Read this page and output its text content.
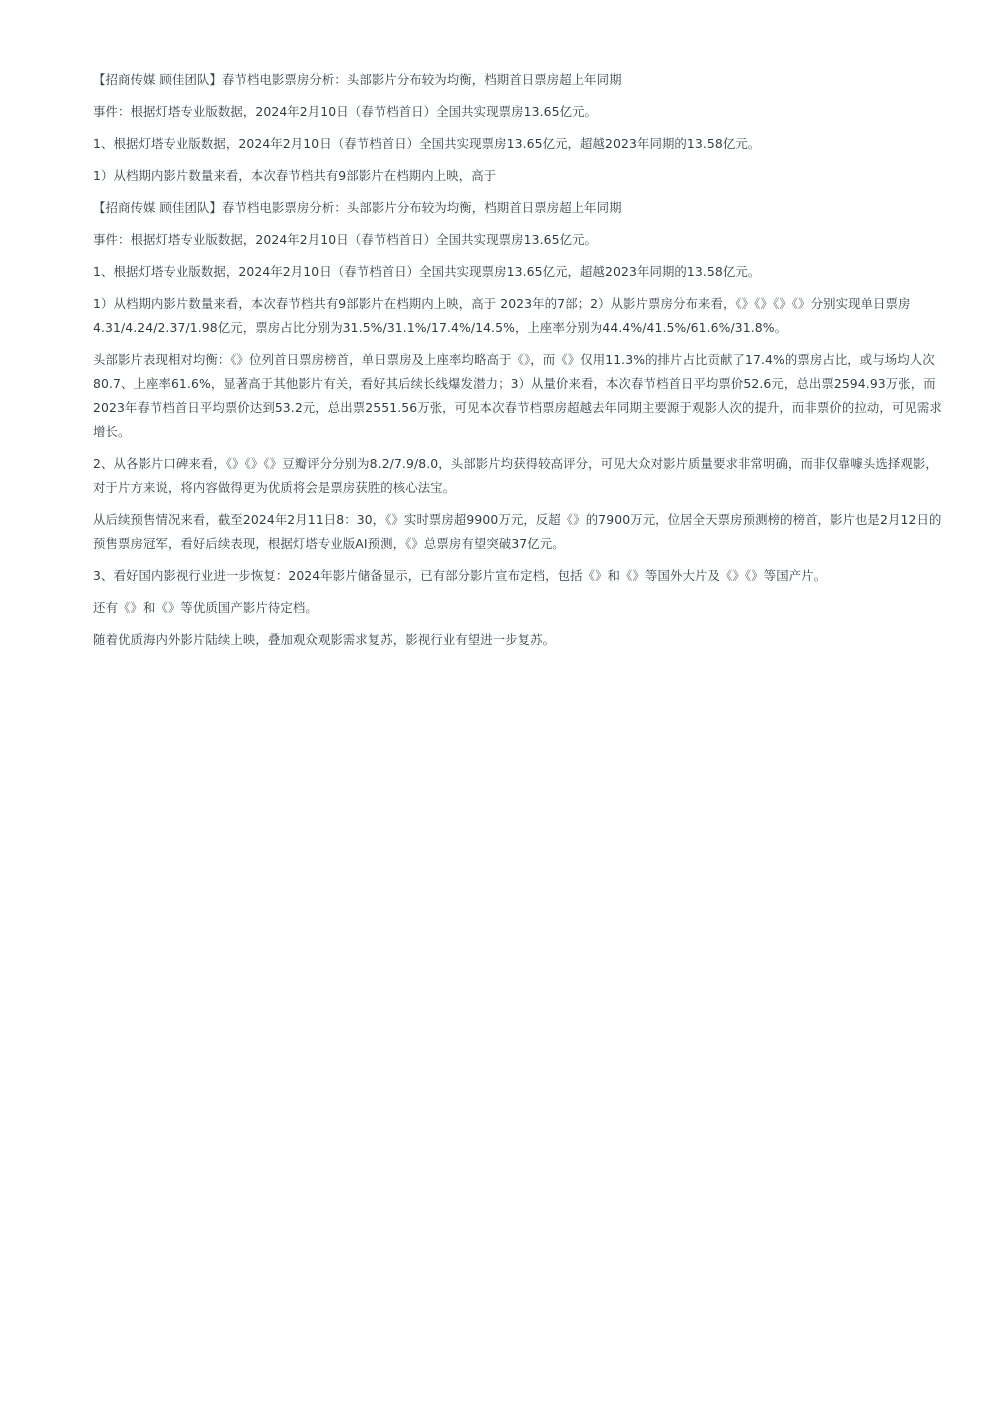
【招商传媒 顾佳团队】春节档电影票房分析：头部影片分布较为均衡，档期首日票房超上年同期

事件：根据灯塔专业版数据，2024年2月10日（春节档首日）全国共实现票房13.65亿元。

1、根据灯塔专业版数据，2024年2月10日（春节档首日）全国共实现票房13.65亿元，超越2023年同期的13.58亿元。

1）从档期内影片数量来看，本次春节档共有9部影片在档期内上映，高于

【招商传媒 顾佳团队】春节档电影票房分析：头部影片分布较为均衡，档期首日票房超上年同期

事件：根据灯塔专业版数据，2024年2月10日（春节档首日）全国共实现票房13.65亿元。

1、根据灯塔专业版数据，2024年2月10日（春节档首日）全国共实现票房13.65亿元，超越2023年同期的13.58亿元。

1）从档期内影片数量来看，本次春节档共有9部影片在档期内上映，高于 2023年的7部；2）从影片票房分布来看，《》《》《》《》分别实现单日票房4.31/4.24/2.37/1.98亿元，票房占比分别为31.5%/31.1%/17.4%/14.5%，上座率分别为44.4%/41.5%/61.6%/31.8%。

头部影片表现相对均衡：《》位列首日票房榜首，单日票房及上座率均略高于《》，而《》仅用11.3%的排片占比贡献了17.4%的票房占比，或与场均人次80.7、上座率61.6%，显著高于其他影片有关，看好其后续长线爆发潜力；3）从量价来看，本次春节档首日平均票价52.6元，总出票2594.93万张，而2023年春节档首日平均票价达到53.2元，总出票2551.56万张，可见本次春节档票房超越去年同期主要源于观影人次的提升，而非票价的拉动，可见需求增长。

2、从各影片口碑来看，《》《》《》豆瓣评分分别为8.2/7.9/8.0，头部影片均获得较高评分，可见大众对影片质量要求非常明确，而非仅靠噱头选择观影，对于片方来说，将内容做得更为优质将会是票房获胜的核心法宝。

从后续预售情况来看，截至2024年2月11日8：30，《》实时票房超9900万元，反超《》的7900万元，位居全天票房预测榜的榜首，影片也是2月12日的预售票房冠军，看好后续表现，根据灯塔专业版AI预测，《》总票房有望突破37亿元。

3、看好国内影视行业进一步恢复：2024年影片储备显示，已有部分影片宣布定档，包括《》和《》等国外大片及《》《》等国产片。

还有《》和《》等优质国产影片待定档。

随着优质海内外影片陆续上映，叠加观众观影需求复苏，影视行业有望进一步复苏。
